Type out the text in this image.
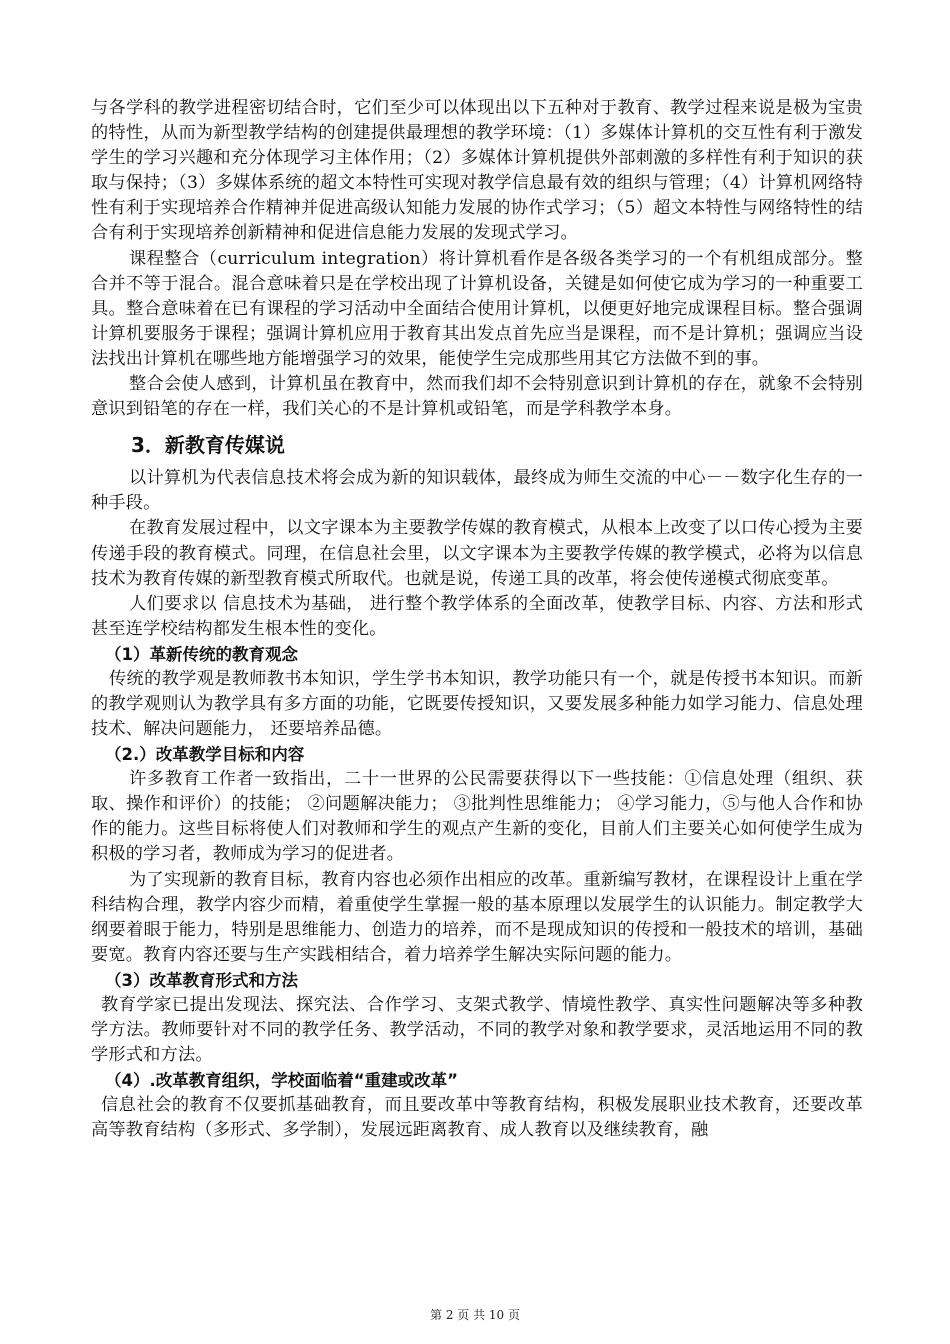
与各学科的教学进程密切结合时，它们至少可以体现出以下五种对于教育、教学过程来说是极为宝贵的特性，从而为新型教学结构的创建提供最理想的教学环境：（1）多媒体计算机的交互性有利于激发学生的学习兴趣和充分体现学习主体作用；（2）多媒体计算机提供外部刺激的多样性有利于知识的获取与保持；（3）多媒体系统的超文本特性可实现对教学信息最有效的组织与管理；（4）计算机网络特性有利于实现培养合作精神并促进高级认知能力发展的协作式学习；（5）超文本特性与网络特性的结合有利于实现培养创新精神和促进信息能力发展的发现式学习。

课程整合（curriculum integration）将计算机看作是各级各类学习的一个有机组成部分。整合并不等于混合。混合意味着只是在学校出现了计算机设备，关键是如何使它成为学习的一种重要工具。整合意味着在已有课程的学习活动中全面结合使用计算机，以便更好地完成课程目标。整合强调计算机要服务于课程；强调计算机应用于教育其出发点首先应当是课程，而不是计算机；强调应当设法找出计算机在哪些地方能增强学习的效果，能使学生完成那些用其它方法做不到的事。

整合会使人感到，计算机虽在教育中，然而我们却不会特别意识到计算机的存在，就象不会特别意识到铅笔的存在一样，我们关心的不是计算机或铅笔，而是学科教学本身。

3．新教育传媒说

以计算机为代表信息技术将会成为新的知识载体，最终成为师生交流的中心－－数字化生存的一种手段。

在教育发展过程中，以文字课本为主要教学传媒的教育模式，从根本上改变了以口传心授为主要传递手段的教育模式。同理，在信息社会里，以文字课本为主要教学传媒的教学模式，必将为以信息技术为教育传媒的新型教育模式所取代。也就是说，传递工具的改革，将会使传递模式彻底变革。

人们要求以 信息技术为基础， 进行整个教学体系的全面改革，使教学目标、内容、方法和形式甚至连学校结构都发生根本性的变化。

（1）革新传统的教育观念

传统的教学观是教师教书本知识，学生学书本知识，教学功能只有一个，就是传授书本知识。而新的教学观则认为教学具有多方面的功能，它既要传授知识，又要发展多种能力如学习能力、信息处理技术、解决问题能力， 还要培养品德。

（2.）改革教学目标和内容

许多教育工作者一致指出，二十一世界的公民需要获得以下一些技能：①信息处理（组织、获取、操作和评价）的技能； ②问题解决能力； ③批判性思维能力； ④学习能力，⑤与他人合作和协作的能力。这些目标将使人们对教师和学生的观点产生新的变化，目前人们主要关心如何使学生成为积极的学习者，教师成为学习的促进者。

为了实现新的教育目标，教育内容也必须作出相应的改革。重新编写教材，在课程设计上重在学科结构合理，教学内容少而精，着重使学生掌握一般的基本原理以发展学生的认识能力。制定教学大纲要着眼于能力，特别是思维能力、创造力的培养，而不是现成知识的传授和一般技术的培训，基础要宽。教育内容还要与生产实践相结合，着力培养学生解决实际问题的能力。

（3）改革教育形式和方法

教育学家已提出发现法、探究法、合作学习、支架式教学、情境性教学、真实性问题解决等多种教学方法。教师要针对不同的教学任务、教学活动，不同的教学对象和教学要求，灵活地运用不同的教学形式和方法。

（4）.改革教育组织，学校面临着“重建或改革”

信息社会的教育不仅要抓基础教育，而且要改革中等教育结构，积极发展职业技术教育，还要改革高等教育结构（多形式、多学制），发展远距离教育、成人教育以及继续教育，融

第 2 页 共 10 页
